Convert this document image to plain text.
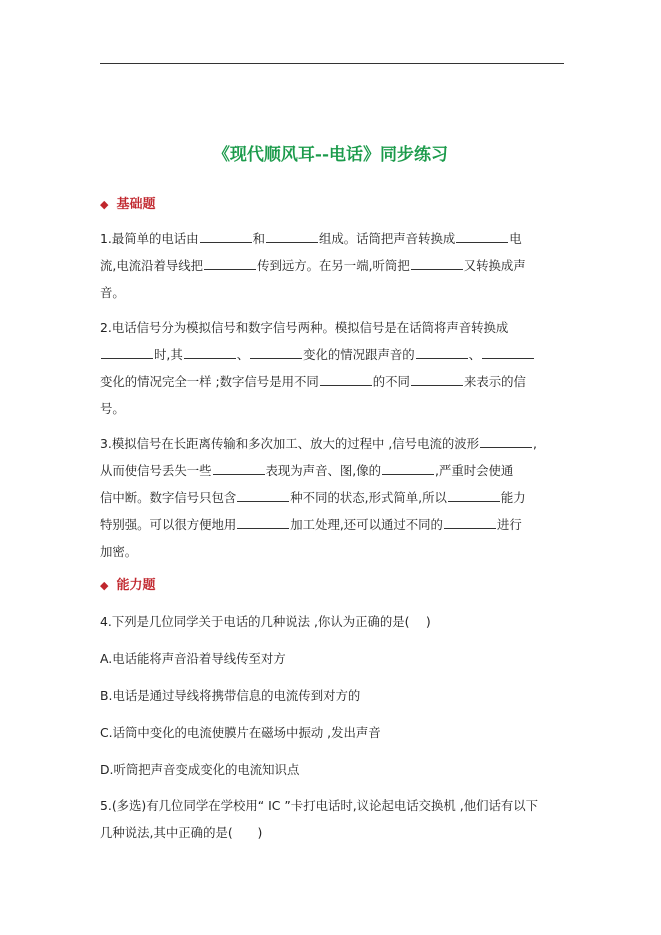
《现代顺风耳--电话》同步练习
◆ 基础题
1.最简单的电话由	和	组成。话筒把声音转换成	电
流,电流沿着导线把	传到远方。在另一端,听筒把	又转换成声
音。
2.电话信号分为模拟信号和数字信号两种。模拟信号是在话筒将声音转换成
时,其	、	变化的情况跟声音的	、
变化的情况完全一样 ;数字信号是用不同	的不同	来表示的信
号。
3.模拟信号在长距离传输和多次加工、放大的过程中 ,信号电流的波形	,
从而使信号丢失一些	表现为声音、图,像的	,严重时会使通
信中断。数字信号只包含	种不同的状态,形式简单,所以	能力
特别强。可以很方便地用	加工处理,还可以通过不同的	进行
加密。
◆ 能力题
4.下列是几位同学关于电话的几种说法 ,你认为正确的是(　 )
A.电话能将声音沿着导线传至对方
B.电话是通过导线将携带信息的电流传到对方的
C.话筒中变化的电流使膜片在磁场中振动 ,发出声音
D.听筒把声音变成变化的电流知识点
5.(多选)有几位同学在学校用“ IC ”卡打电话时,议论起电话交换机 ,他们话有以下
几种说法,其中正确的是(　　)
